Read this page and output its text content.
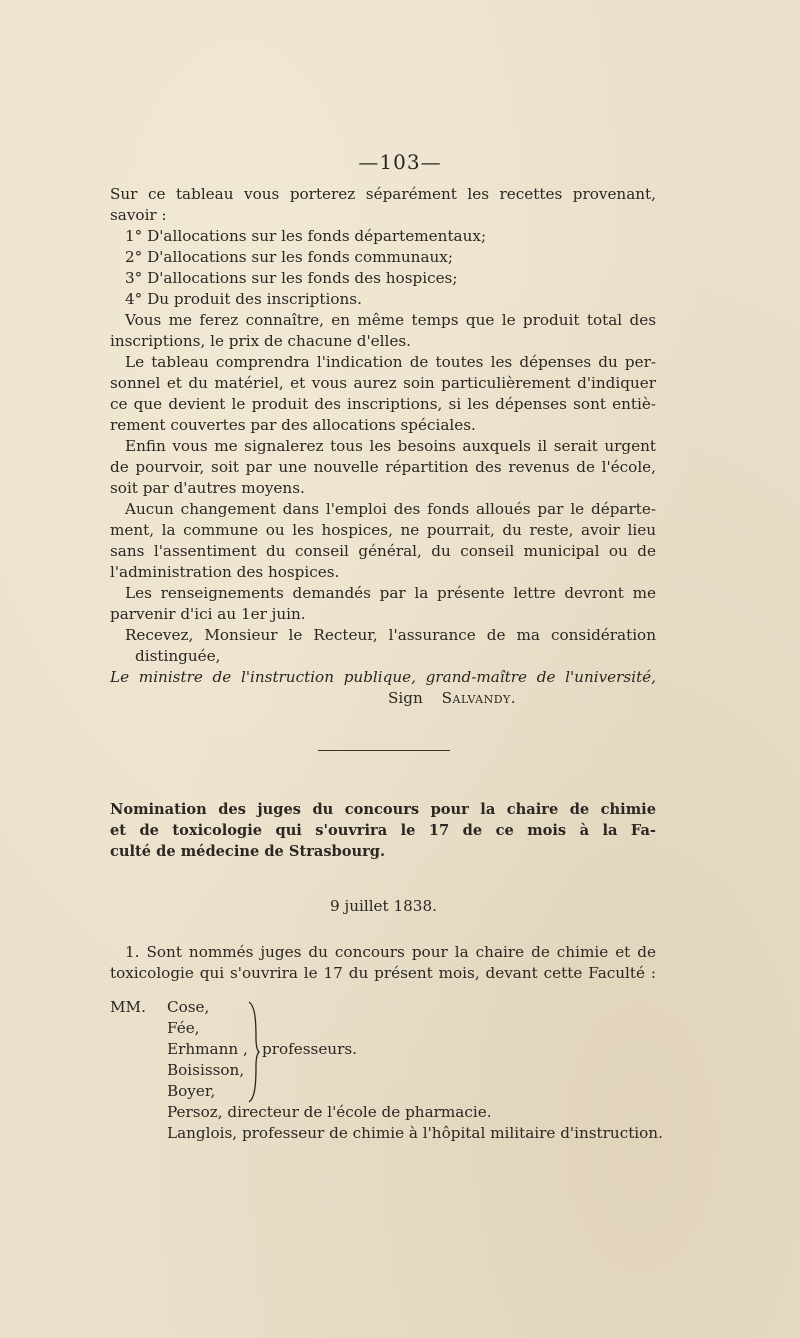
—103—
Sur ce tableau vous porterez séparément les recettes provenant,
savoir :
1° D'allocations sur les fonds départementaux;
2° D'allocations sur les fonds communaux;
3° D'allocations sur les fonds des hospices;
4° Du produit des inscriptions.
Vous me ferez connaître, en même temps que le produit total des
inscriptions, le prix de chacune d'elles.
Le tableau comprendra l'indication de toutes les dépenses du per-
sonnel et du matériel, et vous aurez soin particulièrement d'indiquer
ce que devient le produit des inscriptions, si les dépenses sont entiè-
rement couvertes par des allocations spéciales.
Enfin vous me signalerez tous les besoins auxquels il serait urgent
de pourvoir, soit par une nouvelle répartition des revenus de l'école,
soit par d'autres moyens.
Aucun changement dans l'emploi des fonds alloués par le départe-
ment, la commune ou les hospices, ne pourrait, du reste, avoir lieu
sans l'assentiment du conseil général, du conseil municipal ou de
l'administration des hospices.
Les renseignements demandés par la présente lettre devront me
parvenir d'ici au 1er juin.
Recevez, Monsieur le Recteur, l'assurance de ma considération
distinguée,
Le ministre de l'instruction publique, grand-maître de l'université,
Sign Salvandy.
Nomination des juges du concours pour la chaire de chimie
et de toxicologie qui s'ouvrira le 17 de ce mois à la Fa-
culté de médecine de Strasbourg.
9 juillet 1838.
1. Sont nommés juges du concours pour la chaire de chimie et de
toxicologie qui s'ouvrira le 17 du présent mois, devant cette Faculté :
MM. Cose,
Fée,
Erhmann ,
Boisisson,
Boyer,
professeurs.
Persoz, directeur de l'école de pharmacie.
Langlois, professeur de chimie à l'hôpital militaire d'instruction.
